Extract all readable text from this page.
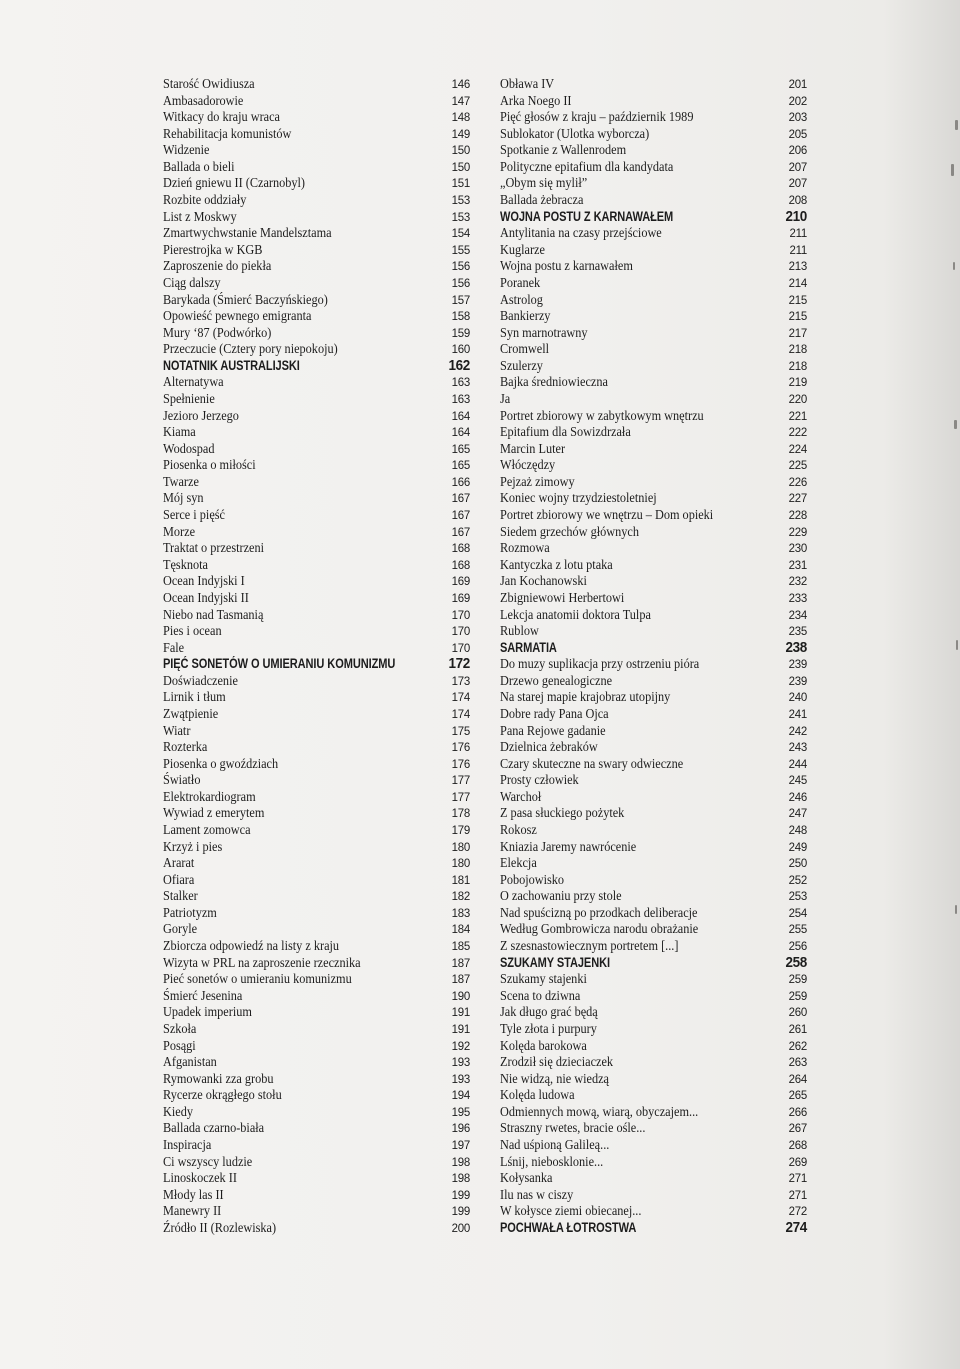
Starość Owidiusza	146
Ambasadorowie	147
Witkacy do kraju wraca	148
Rehabilitacja komunistów	149
Widzenie	150
Ballada o bieli	150
Dzień gniewu II (Czarnobyl)	151
Rozbite oddziały	153
List z Moskwy	153
Zmartwychwstanie Mandelsztama	154
Pierestrojka w KGB	155
Zaproszenie do piekła	156
Ciąg dalszy	156
Barykada (Śmierć Baczyńskiego)	157
Opowieść pewnego emigranta	158
Mury ‘87 (Podwórko)	159
Przeczucie (Cztery pory niepokoju)	160
NOTATNIK AUSTRALIJSKI	162
Alternatywa	163
Spełnienie	163
Jezioro Jerzego	164
Kiama	164
Wodospad	165
Piosenka o miłości	165
Twarze	166
Mój syn	167
Serce i pięść	167
Morze	167
Traktat o przestrzeni	168
Tęsknota	168
Ocean Indyjski I	169
Ocean Indyjski II	169
Niebo nad Tasmanią	170
Pies i ocean	170
Fale	170
PIĘĆ SONETÓW O UMIERANIU KOMUNIZMU	172
Doświadczenie	173
Lirnik i tłum	174
Zwątpienie	174
Wiatr	175
Rozterka	176
Piosenka o gwoździach	176
Światło	177
Elektrokardiogram	177
Wywiad z emerytem	178
Lament zomowca	179
Krzyż i pies	180
Ararat	180
Ofiara	181
Stalker	182
Patriotyzm	183
Goryle	184
Zbiorcza odpowiedź na listy z kraju	185
Wizyta w PRL na zaproszenie rzecznika	187
Pieć sonetów o umieraniu komunizmu	187
Śmierć Jesenina	190
Upadek imperium	191
Szkoła	191
Posągi	192
Afganistan	193
Rymowanki zza grobu	193
Rycerze okrągłego stołu	194
Kiedy	195
Ballada czarno-biała	196
Inspiracja	197
Ci wszyscy ludzie	198
Linoskoczek II	198
Młody las II	199
Manewry II	199
Źródło II (Rozlewiska)	200
Obława IV	201
Arka Noego II	202
Pięć głosów z kraju – październik 1989	203
Sublokator (Ulotka wyborcza)	205
Spotkanie z Wallenrodem	206
Polityczne epitafium dla kandydata	207
„Obym się mylił”	207
Ballada żebracza	208
WOJNA POSTU Z KARNAWAŁEM	210
Antylitania na czasy przejściowe	211
Kuglarze	211
Wojna postu z karnawałem	213
Poranek	214
Astrolog	215
Bankierzy	215
Syn marnotrawny	217
Cromwell	218
Szulerzy	218
Bajka średniowieczna	219
Ja	220
Portret zbiorowy w zabytkowym wnętrzu	221
Epitafium dla Sowizdrzała	222
Marcin Luter	224
Włóczędzy	225
Pejzaż zimowy	226
Koniec wojny trzydziestoletniej	227
Portret zbiorowy we wnętrzu – Dom opieki	228
Siedem grzechów głównych	229
Rozmowa	230
Kantyczka z lotu ptaka	231
Jan Kochanowski	232
Zbigniewowi Herbertowi	233
Lekcja anatomii doktora Tulpa	234
Rublow	235
SARMATIA	238
Do muzy suplikacja przy ostrzeniu pióra	239
Drzewo genealogiczne	239
Na starej mapie krajobraz utopijny	240
Dobre rady Pana Ojca	241
Pana Rejowe gadanie	242
Dzielnica żebraków	243
Czary skuteczne na swary odwieczne	244
Prosty człowiek	245
Warchoł	246
Z pasa słuckiego pożytek	247
Rokosz	248
Kniazia Jaremy nawrócenie	249
Elekcja	250
Pobojowisko	252
O zachowaniu przy stole	253
Nad spuścizną po przodkach deliberacje	254
Według Gombrowicza narodu obrażanie	255
Z szesnastowiecznym portretem [...]	256
SZUKAMY STAJENKI	258
Szukamy stajenki	259
Scena to dziwna	259
Jak długo grać będą	260
Tyle złota i purpury	261
Kolęda barokowa	262
Zrodził się dzieciaczek	263
Nie widzą, nie wiedzą	264
Kolęda ludowa	265
Odmiennych mową, wiarą, obyczajem...	266
Straszny rwetes, bracie ośle...	267
Nad uśpioną Galileą...	268
Lśnij, niebosklonie...	269
Kołysanka	271
Ilu nas w ciszy	271
W kołysce ziemi obiecanej...	272
POCHWAŁA ŁOTROSTWA	274
